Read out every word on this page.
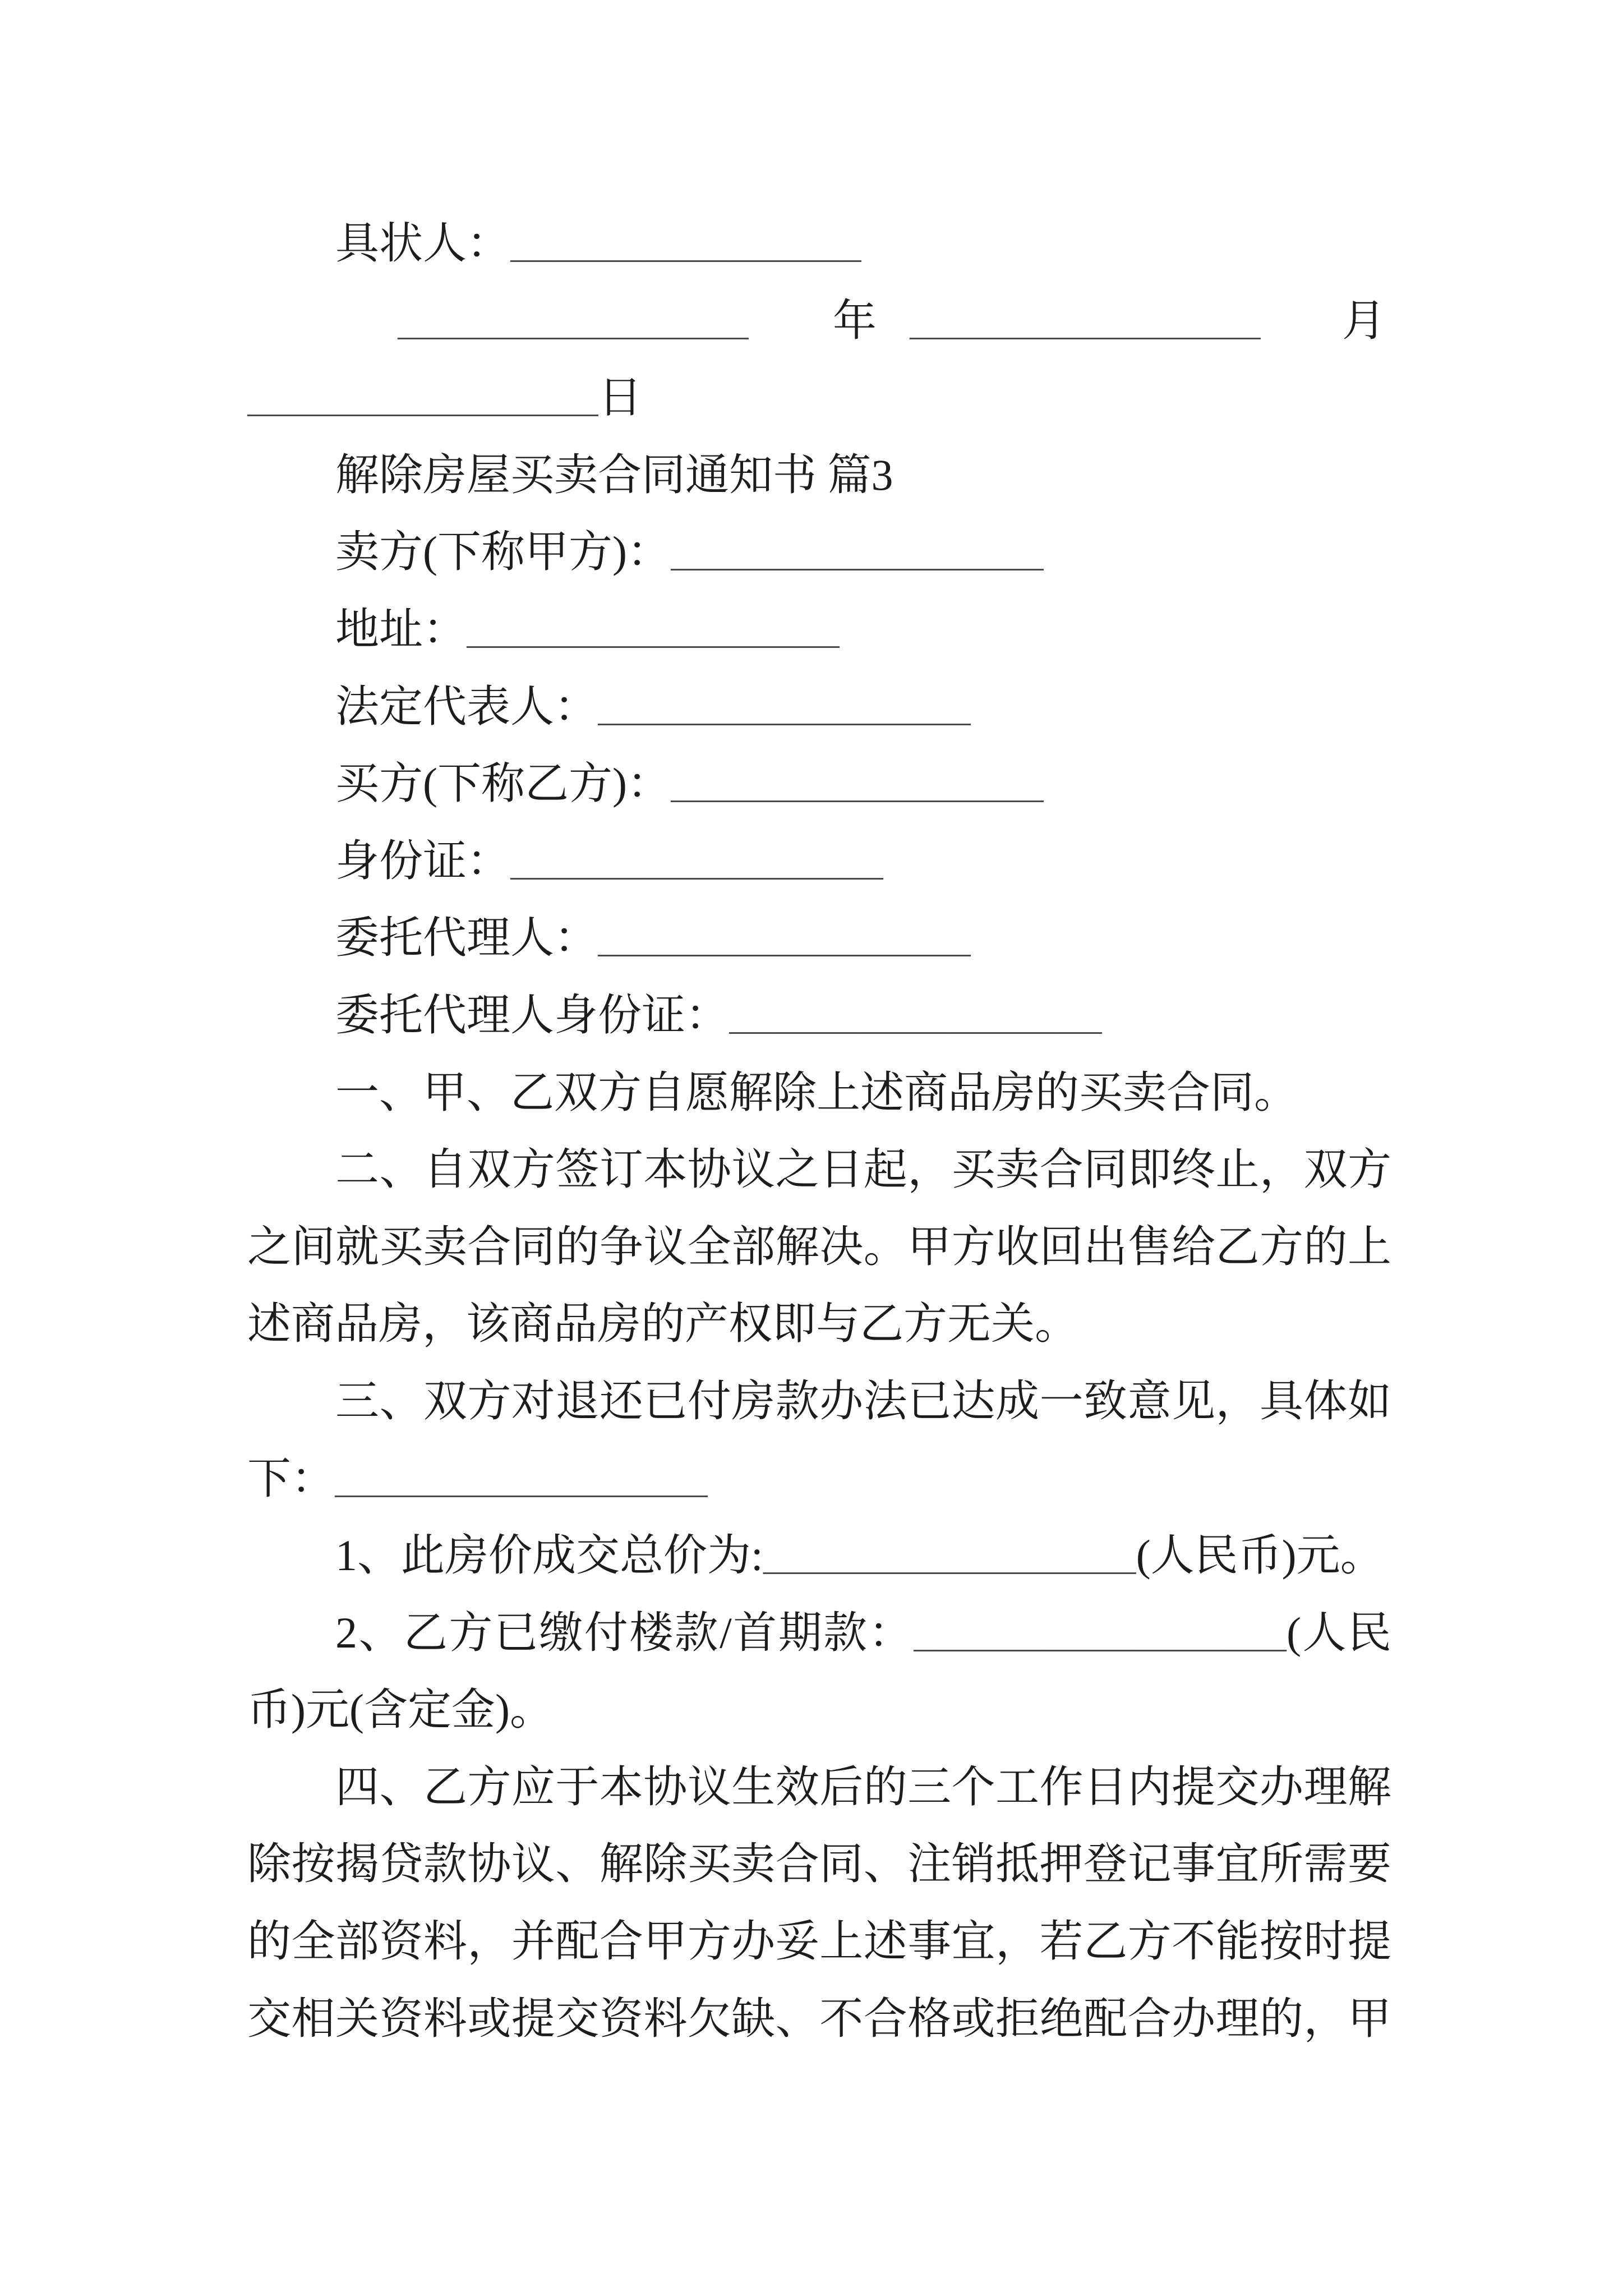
具状人：________________
________________ 年 ________________ 月
________________日
解除房屋买卖合同通知书 篇3
卖方(下称甲方)：_________________
地址：_________________
法定代表人：_________________
买方(下称乙方)：_________________
身份证：_________________
委托代理人：_________________
委托代理人身份证：_________________
一、甲、乙双方自愿解除上述商品房的买卖合同。
二、自双方签订本协议之日起，买卖合同即终止，双方
之间就买卖合同的争议全部解决。甲方收回出售给乙方的上
述商品房，该商品房的产权即与乙方无关。
三、双方对退还已付房款办法已达成一致意见，具体如
下：_________________
1、此房价成交总价为:_________________(人民币)元。
2、乙方已缴付楼款/首期款：_________________(人民
币)元(含定金)。
四、乙方应于本协议生效后的三个工作日内提交办理解
除按揭贷款协议、解除买卖合同、注销抵押登记事宜所需要
的全部资料，并配合甲方办妥上述事宜，若乙方不能按时提
交相关资料或提交资料欠缺、不合格或拒绝配合办理的，甲
